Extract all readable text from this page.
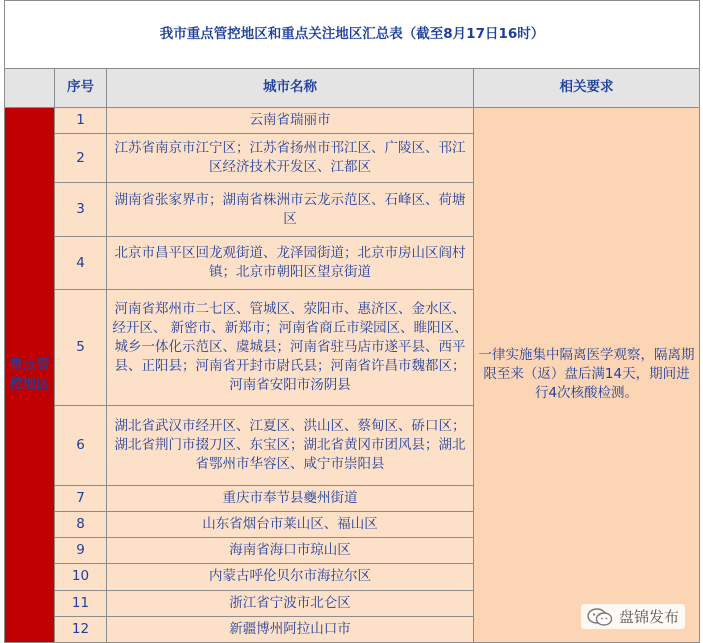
我市重点管控地区和重点关注地区汇总表（截至8月17日16时）			
	序号	城市名称	相关要求
重点管控地区	1	云南省瑞丽市	一律实施集中隔离医学观察，隔离期限至来（返）盘后满14天，期间进行4次核酸检测。
	2	江苏省南京市江宁区；江苏省扬州市邗江区、广陵区、邗江区经济技术开发区、江都区	
	3	湖南省张家界市；湖南省株洲市云龙示范区、石峰区、荷塘区	
	4	北京市昌平区回龙观街道、龙泽园街道；北京市房山区阎村镇；北京市朝阳区望京街道	
	5	河南省郑州市二七区、管城区、荥阳市、惠济区、金水区、经开区、 新密市、新郑市；河南省商丘市梁园区、睢阳区、城乡一体化示范区、虞城县；河南省驻马店市遂平县、西平县、正阳县；河南省开封市尉氏县；河南省许昌市魏都区；河南省安阳市汤阴县	
	6	湖北省武汉市经开区、江夏区、洪山区、蔡甸区、硚口区；湖北省荆门市掇刀区、东宝区；湖北省黄冈市团风县；湖北省鄂州市华容区、咸宁市崇阳县	
	7	重庆市奉节县夔州街道	
	8	山东省烟台市莱山区、福山区	
	9	海南省海口市琼山区	
	10	内蒙古呼伦贝尔市海拉尔区	
	11	浙江省宁波市北仑区	
	12	新疆博州阿拉山口市	
盘锦发布
